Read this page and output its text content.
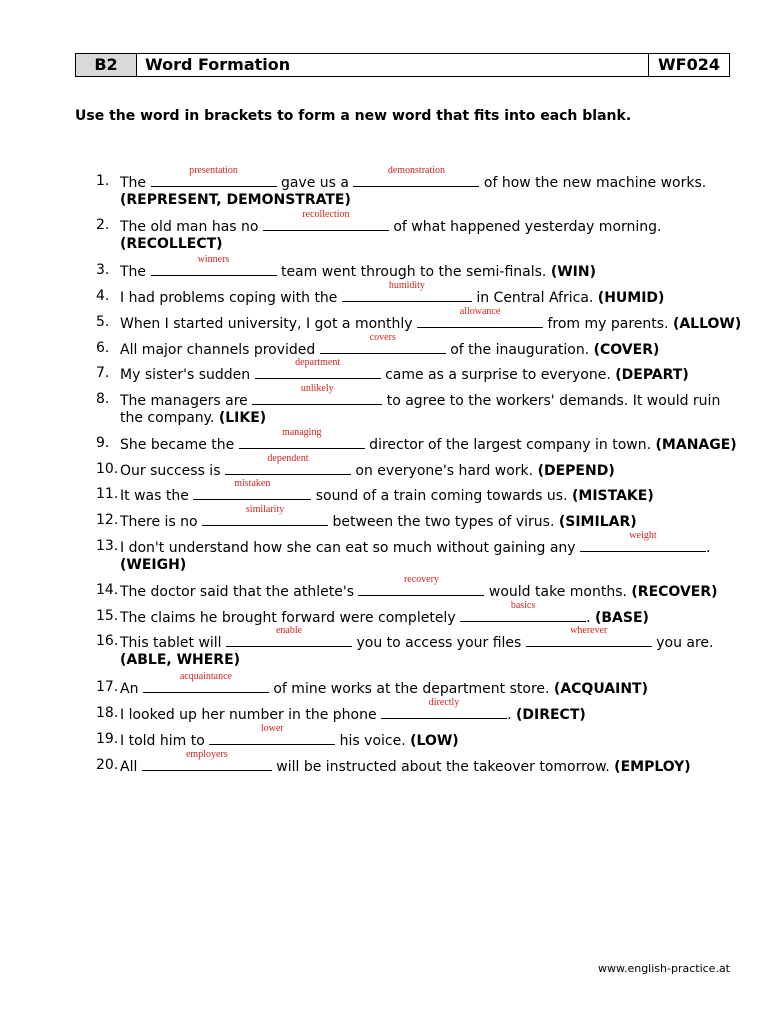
B2	Word Formation	WF024
Use the word in brackets to form a new word that fits into each blank.
1. The
presentation
gave us a
demonstration
of how the new machine works.
(REPRESENT, DEMONSTRATE)
2. The old man has no
recollection
of what happened yesterday morning.
(RECOLLECT)
3. The
winners
team went through to the semi-finals. (WIN)
4. I had problems coping with the
humidity
in Central Africa. (HUMID)
5. When I started university, I got a monthly
allowance
from my parents. (ALLOW)
6. All major channels provided
covers
of the inauguration. (COVER)
7. My sister's sudden
department
came as a surprise to everyone. (DEPART)
8. The managers are
unlikely
to agree to the workers' demands. It would ruin
the company. (LIKE)
9. She became the
managing
director of the largest company in town. (MANAGE)
10. Our success is
dependent
on everyone's hard work. (DEPEND)
11. It was the
mistaken
sound of a train coming towards us. (MISTAKE)
12. There is no
similarity
between the two types of virus. (SIMILAR)
13. I don't understand how she can eat so much without gaining any
weight
.
(WEIGH)
14. The doctor said that the athlete's
recovery
would take months. (RECOVER)
15. The claims he brought forward were completely
basics
. (BASE)
16. This tablet will
enable
you to access your files
wherever
you are.
(ABLE, WHERE)
17. An
acquaintance
of mine works at the department store. (ACQUAINT)
18. I looked up her number in the phone
directly
. (DIRECT)
19. I told him to
lower
his voice. (LOW)
20. All
employers
will be instructed about the takeover tomorrow. (EMPLOY)
www.english-practice.at
